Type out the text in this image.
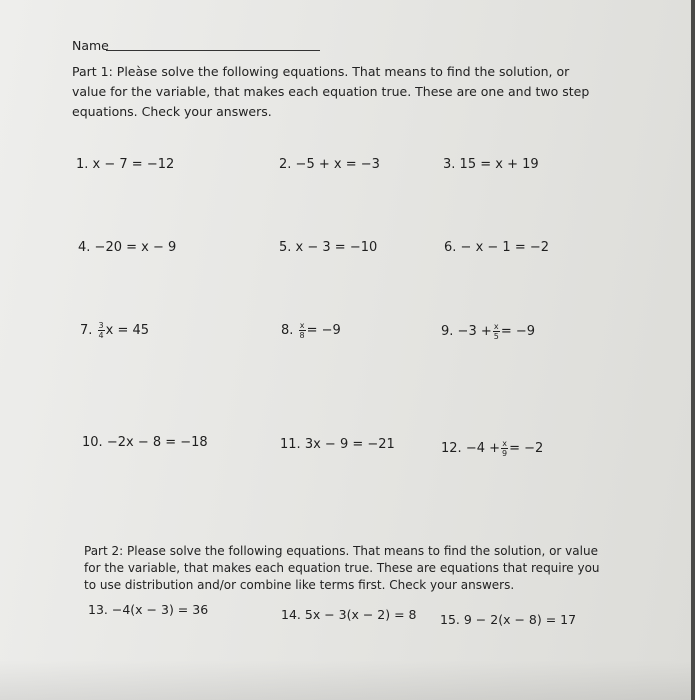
Name
Part 1: Pleàse solve the following equations. That means to find the solution, or value for the variable, that makes each equation true. These are one and two step equations. Check your answers.
1. x − 7 = −12	2. −5 + x = −3	3. 15 = x + 19
4. −20 = x − 9	5. x − 3 = −10	6. − x − 1 = −2
7. $\frac{3}{4}$ x = 45	8. $\frac{x}{8} = -9$	9. $-3 + \frac{x}{5} = -9$
10. −2x − 8 = −18	11. 3x − 9 = −21	12. $-4 + \frac{x}{9} = -2$
Part 2: Please solve the following equations. That means to find the solution, or value for the variable, that makes each equation true. These are equations that require you to use distribution and/or combine like terms first. Check your answers.
13. −4(x − 3) = 36	14. 5x − 3(x − 2) = 8 15. 9 − 2(x − 8) = 17
